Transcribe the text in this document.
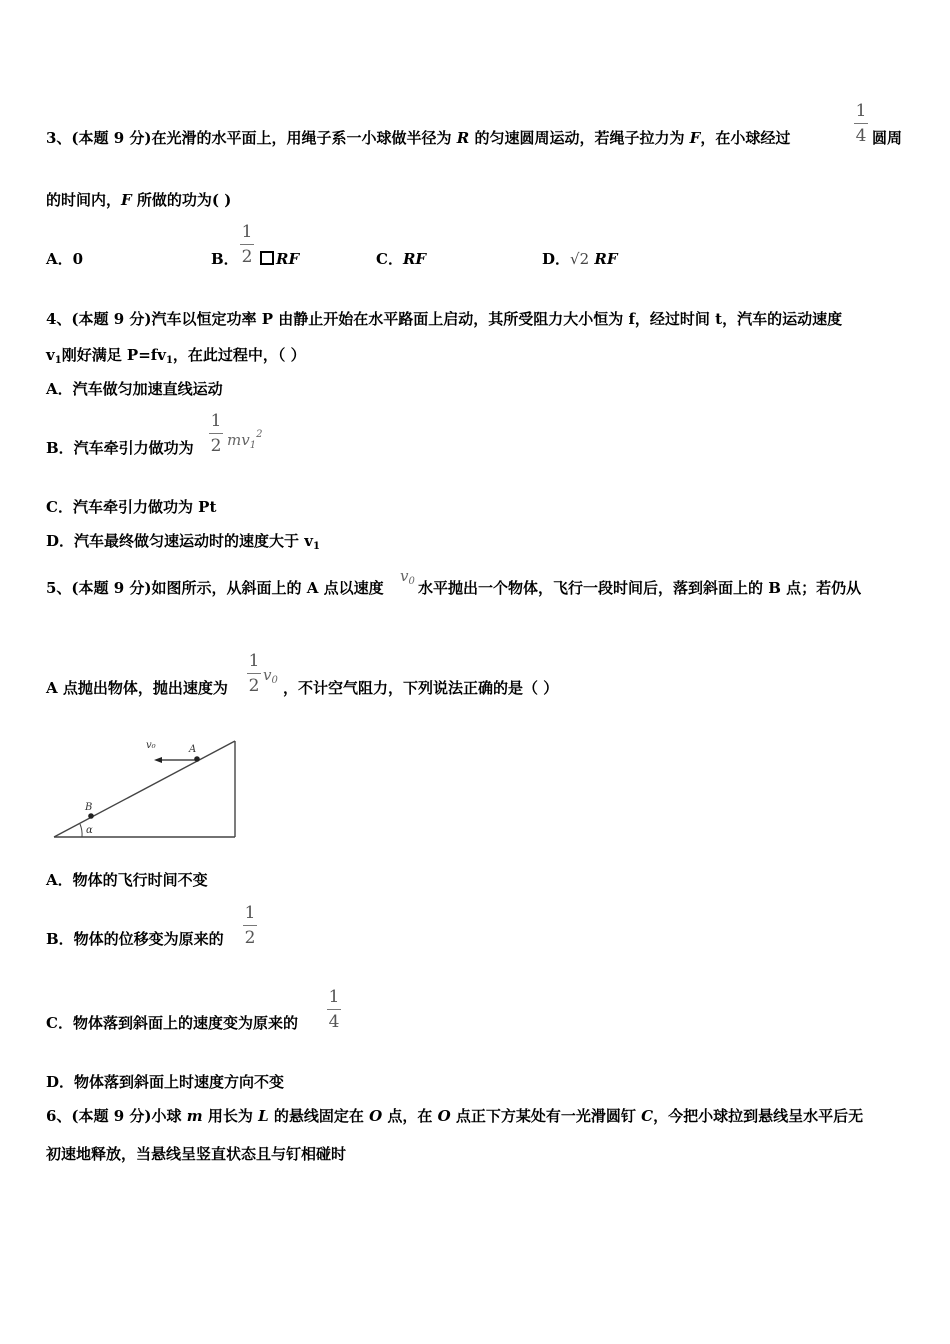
3、(本题 9 分)在光滑的水平面上，用绳子系一小球做半径为 R 的匀速圆周运动，若绳子拉力为 F，在小球经过
1
4 圆周
的时间内，F 所做的功为( )
A．0	B．
1
2	RF	C．RF	D．√2 RF
4、(本题 9 分)汽车以恒定功率 P 由静止开始在水平路面上启动，其所受阻力大小恒为 f，经过时间 t，汽车的运动速度
$v_1$刚好满足 $P=fv_1$，在此过程中，（ ）
A．汽车做匀加速直线运动
B．汽车牵引力做功为
1
2 $mv_1^2$
C．汽车牵引力做功为 Pt
D．汽车最终做匀速运动时的速度大于 $v_1$
5、(本题 9 分)如图所示，从斜面上的 A 点以速度
$v_0$ 水平抛出一个物体，飞行一段时间后，落到斜面上的 B 点；若仍从
A 点抛出物体，抛出速度为
1
2
$v_0$ ，不计空气阻力，下列说法正确的是（ ）
v₀	A
B
α
A．物体的飞行时间不变
B．物体的位移变为原来的
1
2
C．物体落到斜面上的速度变为原来的
1
4
D．物体落到斜面上时速度方向不变
6、(本题 9 分)小球 m 用长为 L 的悬线固定在 O 点，在 O 点正下方某处有一光滑圆钉 C，今把小球拉到悬线呈水平后无
初速地释放，当悬线呈竖直状态且与钉相碰时
